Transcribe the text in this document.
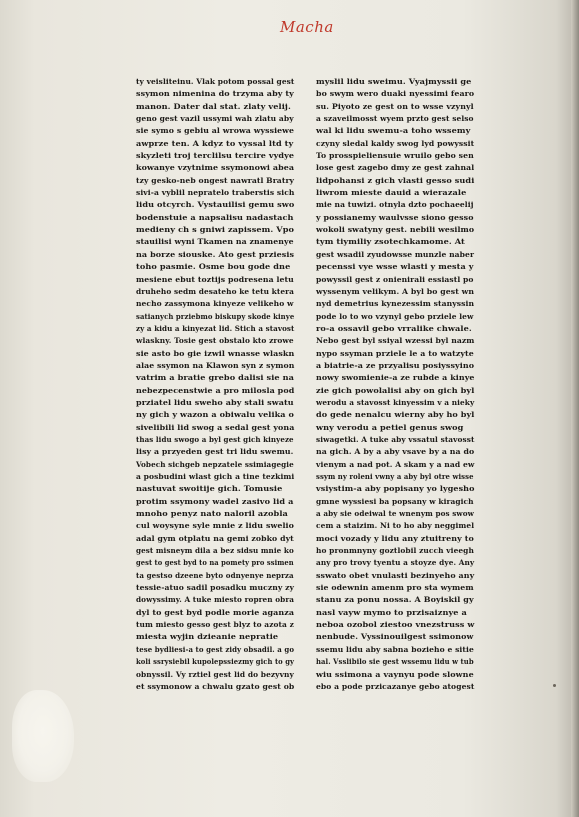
Macha
ty veisliteinu. Vlak potom possal gest
ssymon nimenina do trzyma aby ty
manon. Dater dal stat. zlaty velij.
geno gest vazil ussymi wah zlatu aby
sie symo s gebiu al wrowa wyssiewe
awprze ten. A kdyz to vyssal ltd ty
skyzleti troj terclilsu tercire vydye
kowanye vzytnime ssymonowi abea
tzy gesko-neb ongest nawratl Bratry
sivi-a vyblil nepratelo traberstis sich
lidu otcyrch. Vystauilisi gemu swo
bodenstuie a napsalisu nadastach
medieny ch s gniwi zapissem. Vpo
stauilisi wyni Tkamen na znamenye
na borze siouske. Ato gest prziesis
toho pasmie. Osme bou gode dne
mesiene ebut toztijs podresena letu
druheho sedm desateho ke tetu ktera
necho zassymona kinyeze velikeho w
satianych prziebmo biskupy skode kinye
zy a kidu a kinyezat lid. Stich a stavost
wlaskny. Tosie gest obstalo kto zrowe
sie asto bo gie izwil wnasse wlaskn
alae ssymon na Klawon syn z symon
vatrim a bratie grebo dalisi sie na
nebezpecenstwie a pro milosla pod
prziatel lidu sweho aby stali swatu
ny gich y wazon a obiwalu velika o
sivelibili lid swog a sedal gest yona
thas lidu swogo a byl gest gich kinyeze
lisy a przyeden gest tri lidu swemu.
Vobech sichgeb nepzatele ssimiagegie
a posbudini wlast gich a tine tezkimi
nastuvat swoitije gich. Tomusie
protim ssymony wadel zasivo lid a
mnoho penyz nato naloril azobla
cul woysyne syle mnie z lidu swelio
adal gym otplatu na gemi zobko dyt
gest misneym dila a bez sidsu mnie ko
gest to gest byd to na pomety pro ssimen
ta gestso dzeene byto odnyenye neprza
tessie-atuo sadil posadku muczny zy
dowyssimy. A tuke miesto ropren obra
dyl to gest byd podle morie aganza
tum miesto gesso gest blyz to azota z
miesta wyjin dzieanie nepratie
tese bydliesi-a to gest zidy obsadil. a go
koli ssrysiebil kupolepssiezmy gich to gy
obnyssil. Vy rztiel gest lid do bezyvny
et ssymonow a chwalu gzato gest ob
myslil lidu sweimu. Vyajmyssii ge
bo swym wero duaki nyessimi fearo
su. Piyoto ze gest on to wsse vzynyl
a szaveilmosst wyem przto gest selso
wal ki lidu swemu-a toho wssemy
czyny sledal kaldy swog lyd powyssit
To prosspieliensuie wruilo gebo sen
lose gest zagebo dmy ze gest zahnal
lidpohansi z gich vlasti gesso sudi
liwrom mieste dauid a wierazale
mie na tuwizi. otnyla dzto pochaeelij
y possianemy waulvsse siono gesso
wokoli swatyny gest. nebili wesilmo
tym tiymiliy zsotechkamome. At
gest wsadil zyudowsse munzle naber
pecenssi vye wsse wlasti y mesta y
powyssil gest z onienirali essiastl po
wyssenym velikym. A byl bo gest wn
nyd demetrius kynezessim stanyssin
pode lo to wo vzynyl gebo prziele lew
ro-a ossavil gebo vrralike chwale.
Nebo gest byl ssiyal wzessi byl nazm
nypo ssyman prziele le a to watzyte
a biatrie-a ze przyalisu posiyssyino
nowy swomienie-a ze rubde a kinye
zie gich powolalisi aby on gich byl
werodu a stavosst kinyessim v a nieky
do gede nenalcu wierny aby ho byl
wny verodu a petiel genus swog
siwagetki. A tuke aby vssatul stavosst
na gich. A by a aby vsave by a na do
vienym a nad pot. A skam y a nad ew
ssym ny roleni vwny a aby byl otre wisse
vsiystim-a aby popisany yo lygesho
gmne wyssiesi ba popsany w kiragich
a aby sie odeiwal te wnenym pos swow
cem a staizim. Ni to ho aby neggimel
moci vozady y lidu any ztuitreny to
ho pronmnyny goztlobil zucch vieegh
any pro trovy tyentu a stoyze dye. Any
sswato obet vnulasti bezinyeho any
sie odewnin amenm pro sta wymem
stanu za ponu nossa. A Boyiskil gy
nasl vayw mymo to przisaiznye a
neboa ozobol ziestoo vnezstruss w
nenbude. Vyssinouilgest ssimonow
ssemu lidu aby sabna bozieho e sitie
hal. Vsslibilo sie gest wssemu lidu w tub
wiu ssimona a vaynyu pode slowne
ebo a pode przicazanye gebo atogest
